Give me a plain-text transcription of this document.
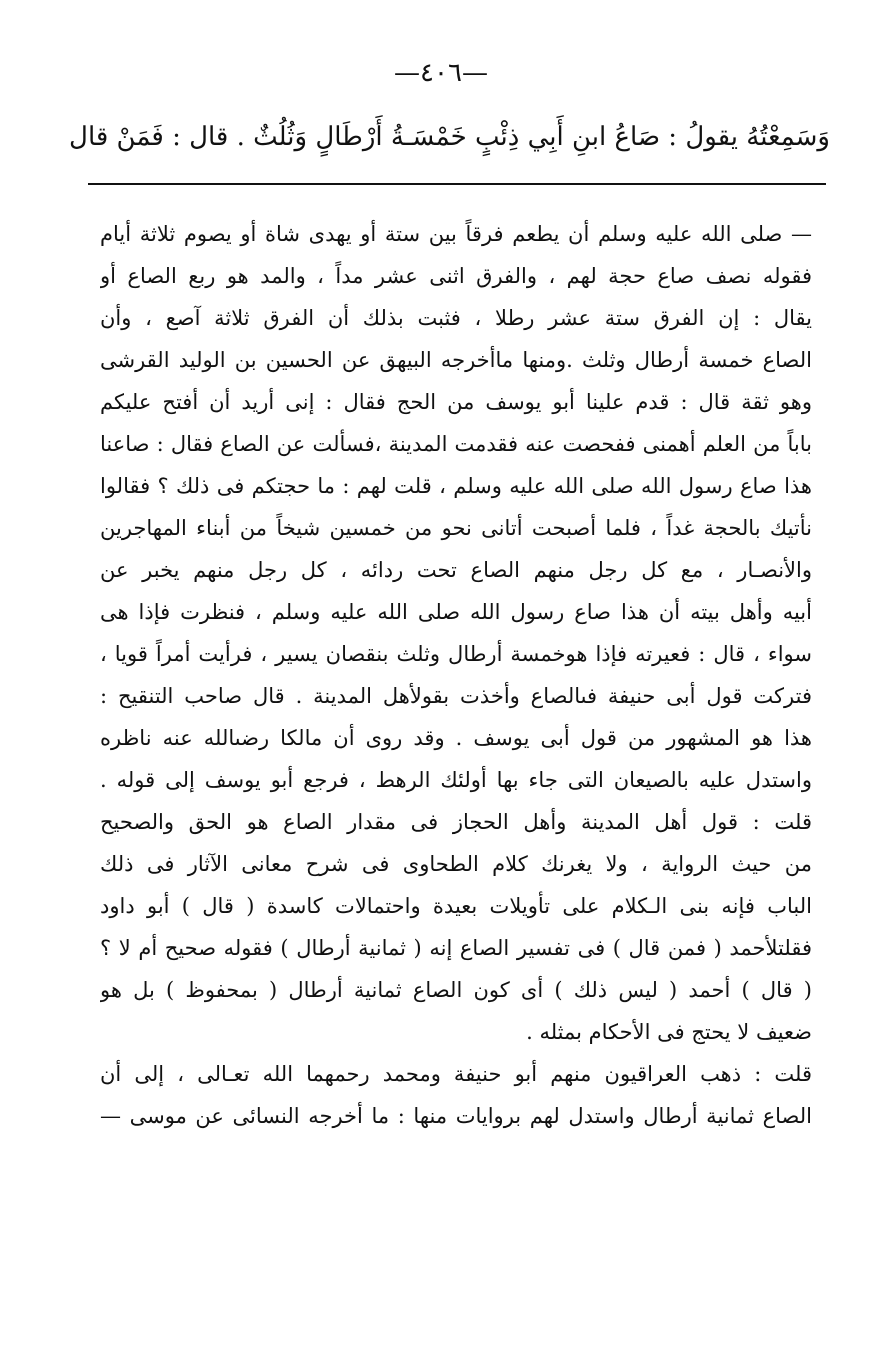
—٤٠٦—
وَسَمِعْتُهُ يقولُ : صَاعُ ابنِ أَبِي ذِئْبٍ خَمْسَـةُ أَرْطَالٍ وَثُلُثٌ . قال : فَمَنْ قال
— صلى الله عليه وسلم أن يطعم فرقاً بين ستة أو يهدى شاة أو يصوم ثلاثة أيام
فقوله نصف صاع حجة لهم ، والفرق اثنى عشر مداً ، والمد هو ربع الصاع أو
يقال : إن الفرق ستة عشر رطلا ، فثبت بذلك أن الفرق ثلاثة آصع ، وأن
الصاع خمسة أرطال وثلث .ومنها ماأخرجه البيهق عن الحسين بن الوليد القرشى
وهو ثقة قال : قدم علينا أبو يوسف من الحج فقال : إنى أريد أن أفتح عليكم
باباً من العلم أهمنى ففحصت عنه فقدمت المدينة ،فسألت عن الصاع فقال : صاعنا
هذا صاع رسول الله صلى الله عليه وسلم ، قلت لهم : ما حجتكم فى ذلك ؟ فقالوا
نأتيك بالحجة غداً ، فلما أصبحت أتانى نحو من خمسين شيخاً من أبناء المهاجرين
والأنصـار ، مع كل رجل منهم الصاع تحت ردائه ، كل رجل منهم يخبر عن
أبيه وأهل بيته أن هذا صاع رسول الله صلى الله عليه وسلم ، فنظرت فإذا هى
سواء ، قال : فعيرته فإذا هوخمسة أرطال وثلث بنقصان يسير ، فرأيت أمراً قويا ،
فتركت قول أبى حنيفة فىالصاع وأخذت بقولأهل المدينة . قال صاحب التنقيح :
هذا هو المشهور من قول أبى يوسف . وقد روى أن مالكا رضىالله عنه ناظره
واستدل عليه بالصيعان التى جاء بها أولئك الرهط ، فرجع أبو يوسف إلى قوله .
قلت : قول أهل المدينة وأهل الحجاز فى مقدار الصاع هو الحق والصحيح
من حيث الرواية ، ولا يغرنك كلام الطحاوى فى شرح معانى الآثار فى ذلك
الباب فإنه بنى الـكلام على تأويلات بعيدة واحتمالات كاسدة ( قال ) أبو داود
فقلتلأحمد ( فمن قال ) فى تفسير الصاع إنه ( ثمانية أرطال ) فقوله صحيح أم لا ؟
( قال ) أحمد ( ليس ذلك ) أى كون الصاع ثمانية أرطال ( بمحفوظ ) بل هو
ضعيف لا يحتج فى الأحكام بمثله .
قلت : ذهب العراقيون منهم أبو حنيفة ومحمد رحمهما الله تعـالى ، إلى أن
الصاع ثمانية أرطال واستدل لهم بروايات منها : ما أخرجه النسائى عن موسى —
